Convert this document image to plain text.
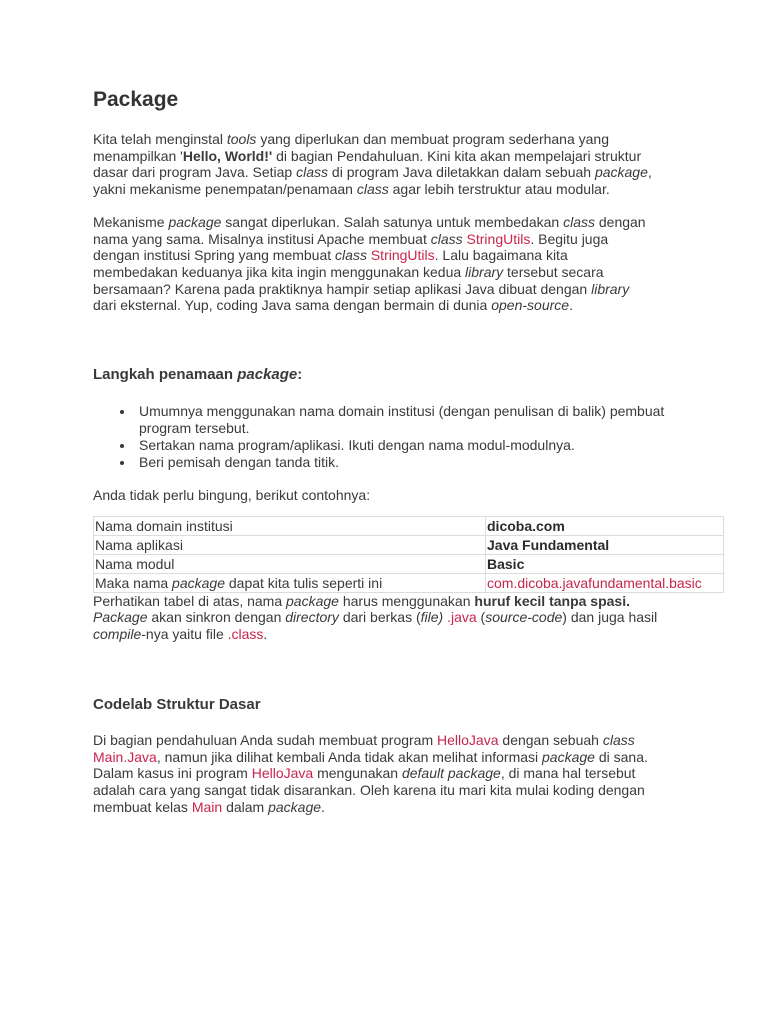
Package

Kita telah menginstal tools yang diperlukan dan membuat program sederhana yang menampilkan 'Hello, World!' di bagian Pendahuluan. Kini kita akan mempelajari struktur dasar dari program Java. Setiap class di program Java diletakkan dalam sebuah package, yakni mekanisme penempatan/penamaan class agar lebih terstruktur atau modular.

Mekanisme package sangat diperlukan. Salah satunya untuk membedakan class dengan nama yang sama. Misalnya institusi Apache membuat class StringUtils. Begitu juga dengan institusi Spring yang membuat class StringUtils. Lalu bagaimana kita membedakan keduanya jika kita ingin menggunakan kedua library tersebut secara bersamaan? Karena pada praktiknya hampir setiap aplikasi Java dibuat dengan library dari eksternal. Yup, coding Java sama dengan bermain di dunia open-source.

Langkah penamaan package:
• Umumnya menggunakan nama domain institusi (dengan penulisan di balik) pembuat program tersebut.
• Sertakan nama program/aplikasi. Ikuti dengan nama modul-modulnya.
• Beri pemisah dengan tanda titik.

Anda tidak perlu bingung, berikut contohnya:

Nama domain institusi	dicoba.com
Nama aplikasi	Java Fundamental
Nama modul	Basic
Maka nama package dapat kita tulis seperti ini	com.dicoba.javafundamental.basic

Perhatikan tabel di atas, nama package harus menggunakan huruf kecil tanpa spasi. Package akan sinkron dengan directory dari berkas (file) .java (source-code) dan juga hasil compile-nya yaitu file .class.

Codelab Struktur Dasar

Di bagian pendahuluan Anda sudah membuat program HelloJava dengan sebuah class Main.Java, namun jika dilihat kembali Anda tidak akan melihat informasi package di sana. Dalam kasus ini program HelloJava mengunakan default package, di mana hal tersebut adalah cara yang sangat tidak disarankan. Oleh karena itu mari kita mulai koding dengan membuat kelas Main dalam package.
